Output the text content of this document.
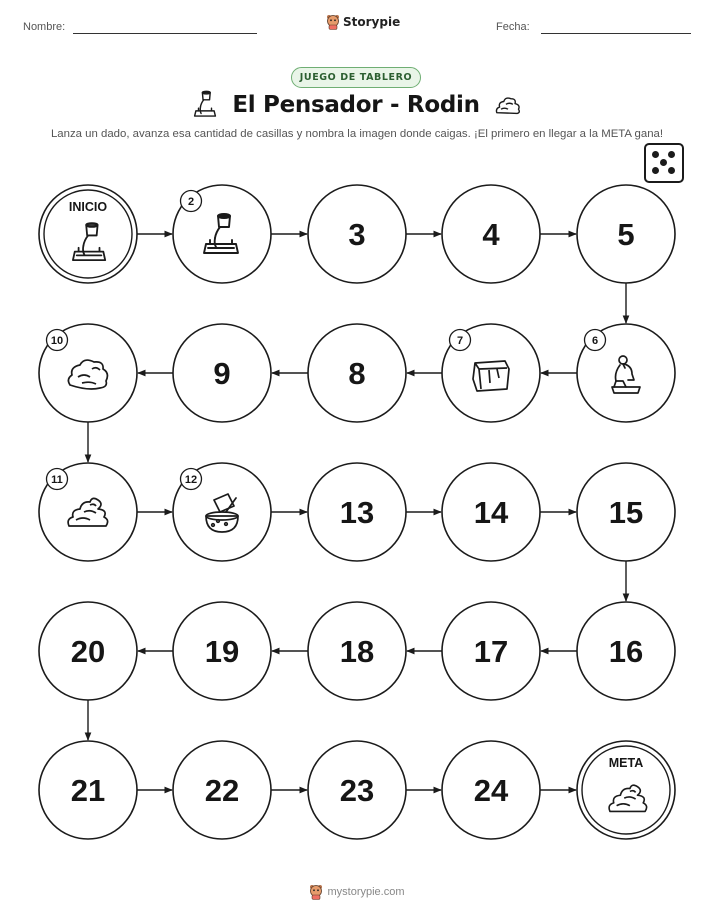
Nombre:	Storypie	Fecha:
JUEGO DE TABLERO
El Pensador - Rodin
Lanza un dado, avanza esa cantidad de casillas y nombra la imagen donde caigas. ¡El primero en llegar a la META gana!
INICIO	2
3	4	5
6
7
8
9
10
11	12
13	14	15
16
17
18
19
20
21	22	23	24
META
mystorypie.com
